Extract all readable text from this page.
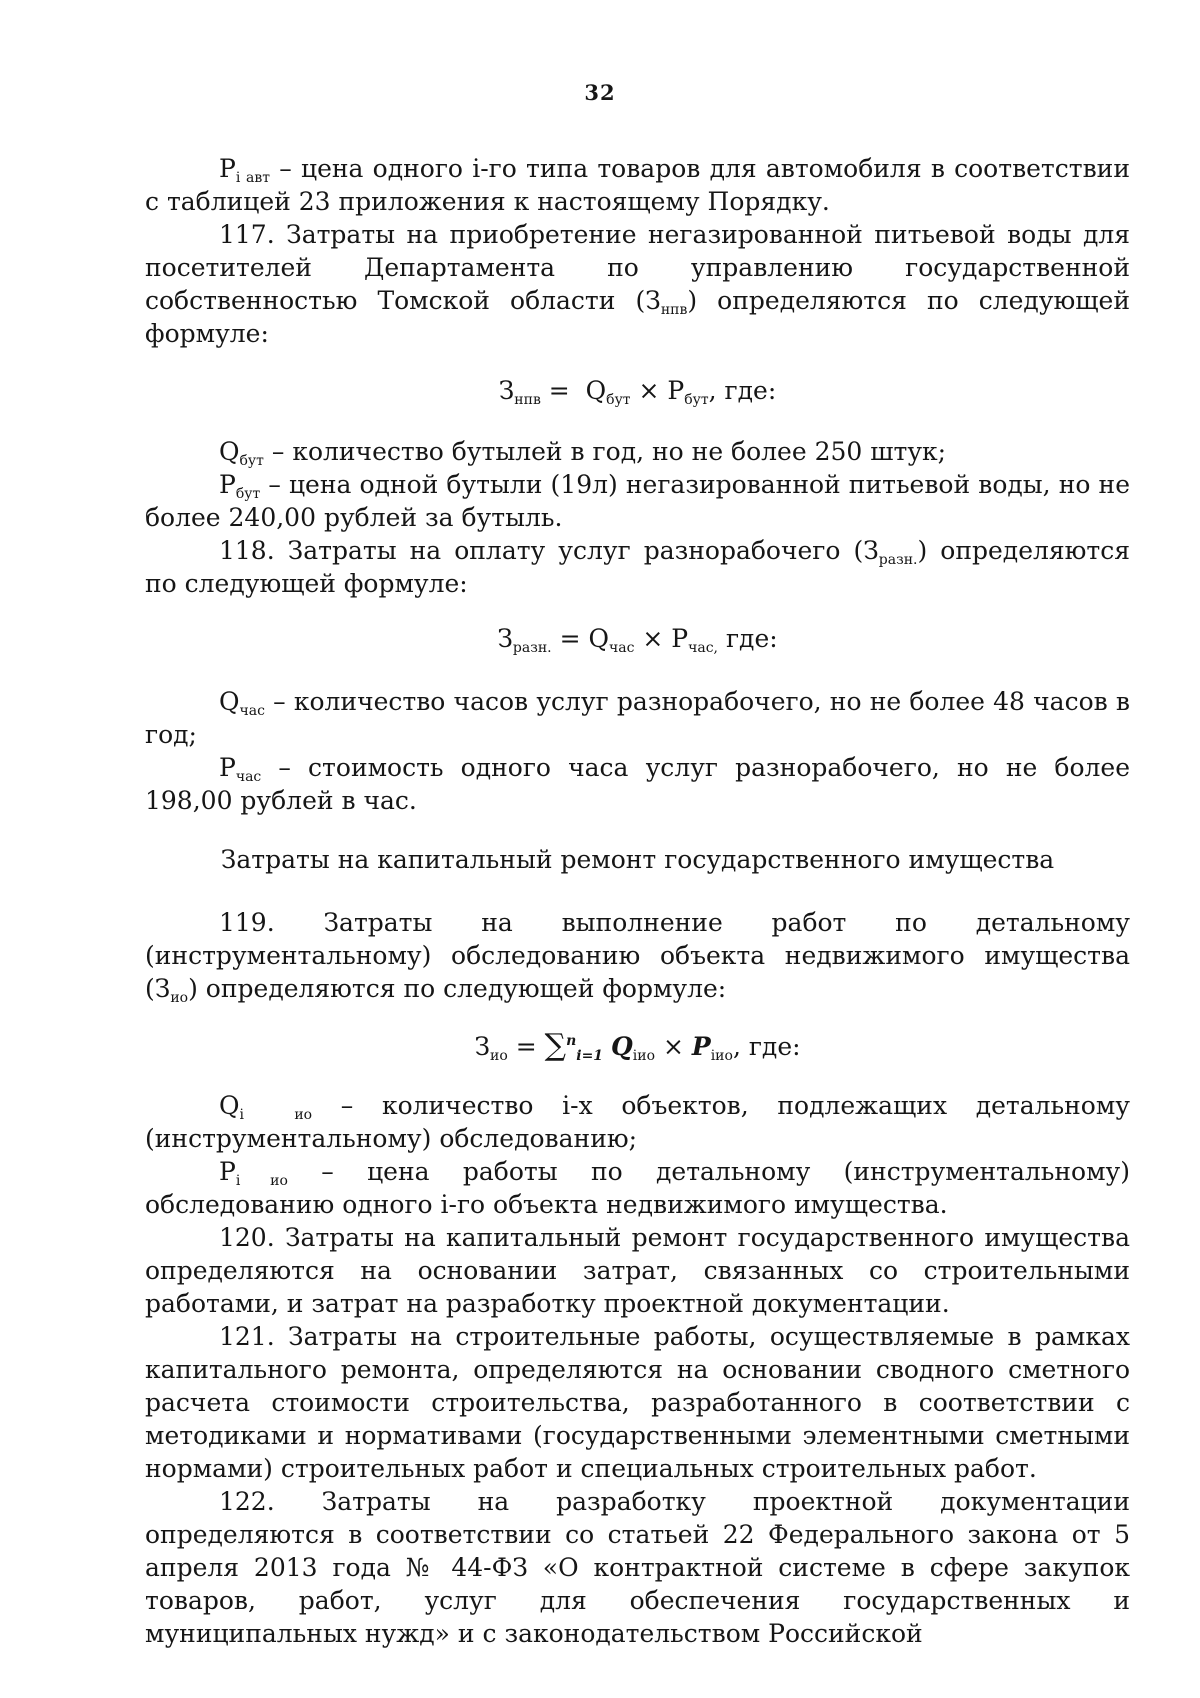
32

$P_{i авт}$ – цена одного i-го типа товаров для автомобиля в соответствии с таблицей 23 приложения к настоящему Порядку.

117. Затраты на приобретение негазированной питьевой воды для посетителей Департамента по управлению государственной собственностью Томской области $(З_{нпв})$ определяются по следующей формуле:

$З_{нпв} = Q_{бут} \times P_{бут}$, где:

$Q_{бут}$ – количество бутылей в год, но не более 250 штук;

$P_{бут}$ – цена одной бутыли (19л) негазированной питьевой воды, но не более 240,00 рублей за бутыль.

118. Затраты на оплату услуг разнорабочего $(З_{разн.})$ определяются по следующей формуле:

$З_{разн.} = Q_{час} \times P_{час,}$ где:

$Q_{час}$ – количество часов услуг разнорабочего, но не более 48 часов в год;

$P_{час}$ – стоимость одного часа услуг разнорабочего, но не более 198,00 рублей в час.

Затраты на капитальный ремонт государственного имущества

119. Затраты на выполнение работ по детальному (инструментальному) обследованию объекта недвижимого имущества $(З_{ио})$ определяются по следующей формуле:

$З_{ио} = \sum^n_{i=1}$ $Q_{iио} \times P_{iио}$, где:

$Q_{i ио}$ – количество i-х объектов, подлежащих детальному (инструментальному) обследованию;

$P_{i ио}$ – цена работы по детальному (инструментальному) обследованию одного i-го объекта недвижимого имущества.

120. Затраты на капитальный ремонт государственного имущества определяются на основании затрат, связанных со строительными работами, и затрат на разработку проектной документации.

121. Затраты на строительные работы, осуществляемые в рамках капитального ремонта, определяются на основании сводного сметного расчета стоимости строительства, разработанного в соответствии с методиками и нормативами (государственными элементными сметными нормами) строительных работ и специальных строительных работ.

122. Затраты на разработку проектной документации определяются в соответствии со статьей 22 Федерального закона от 5 апреля 2013 года № 44-ФЗ «О контрактной системе в сфере закупок товаров, работ, услуг для обеспечения государственных и муниципальных нужд» и с законодательством Российской
